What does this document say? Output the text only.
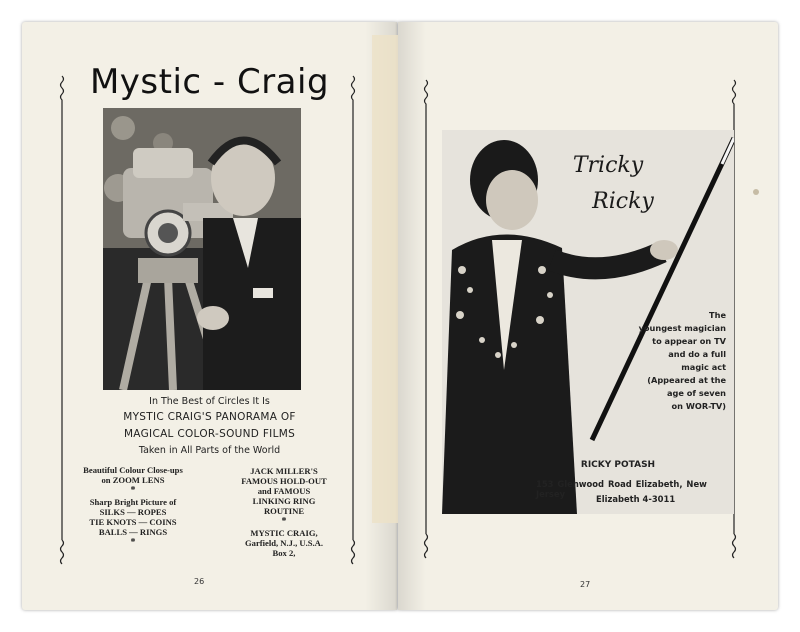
Mystic - Craig
In The Best of Circles It Is
MYSTIC CRAIG'S PANORAMA OF
MAGICAL COLOR-SOUND FILMS
Taken in All Parts of the World
Beautiful Colour Close-ups
on ZOOM LENS
*
Sharp Bright Picture of
SILKS — ROPES
TIE KNOTS — COINS
BALLS — RINGS
*
JACK MILLER'S
FAMOUS HOLD-OUT
and FAMOUS
LINKING RING
ROUTINE
*
MYSTIC CRAIG,
Garfield, N.J., U.S.A.
Box 2,
26
Tricky
Ricky
The
youngest magician
to appear on TV
and do a full
magic act
(Appeared at the
age of seven
on WOR-TV)
RICKY POTASH
153 Glenwood Road Elizabeth, New Jersey	Elizabeth 4-3011
27
